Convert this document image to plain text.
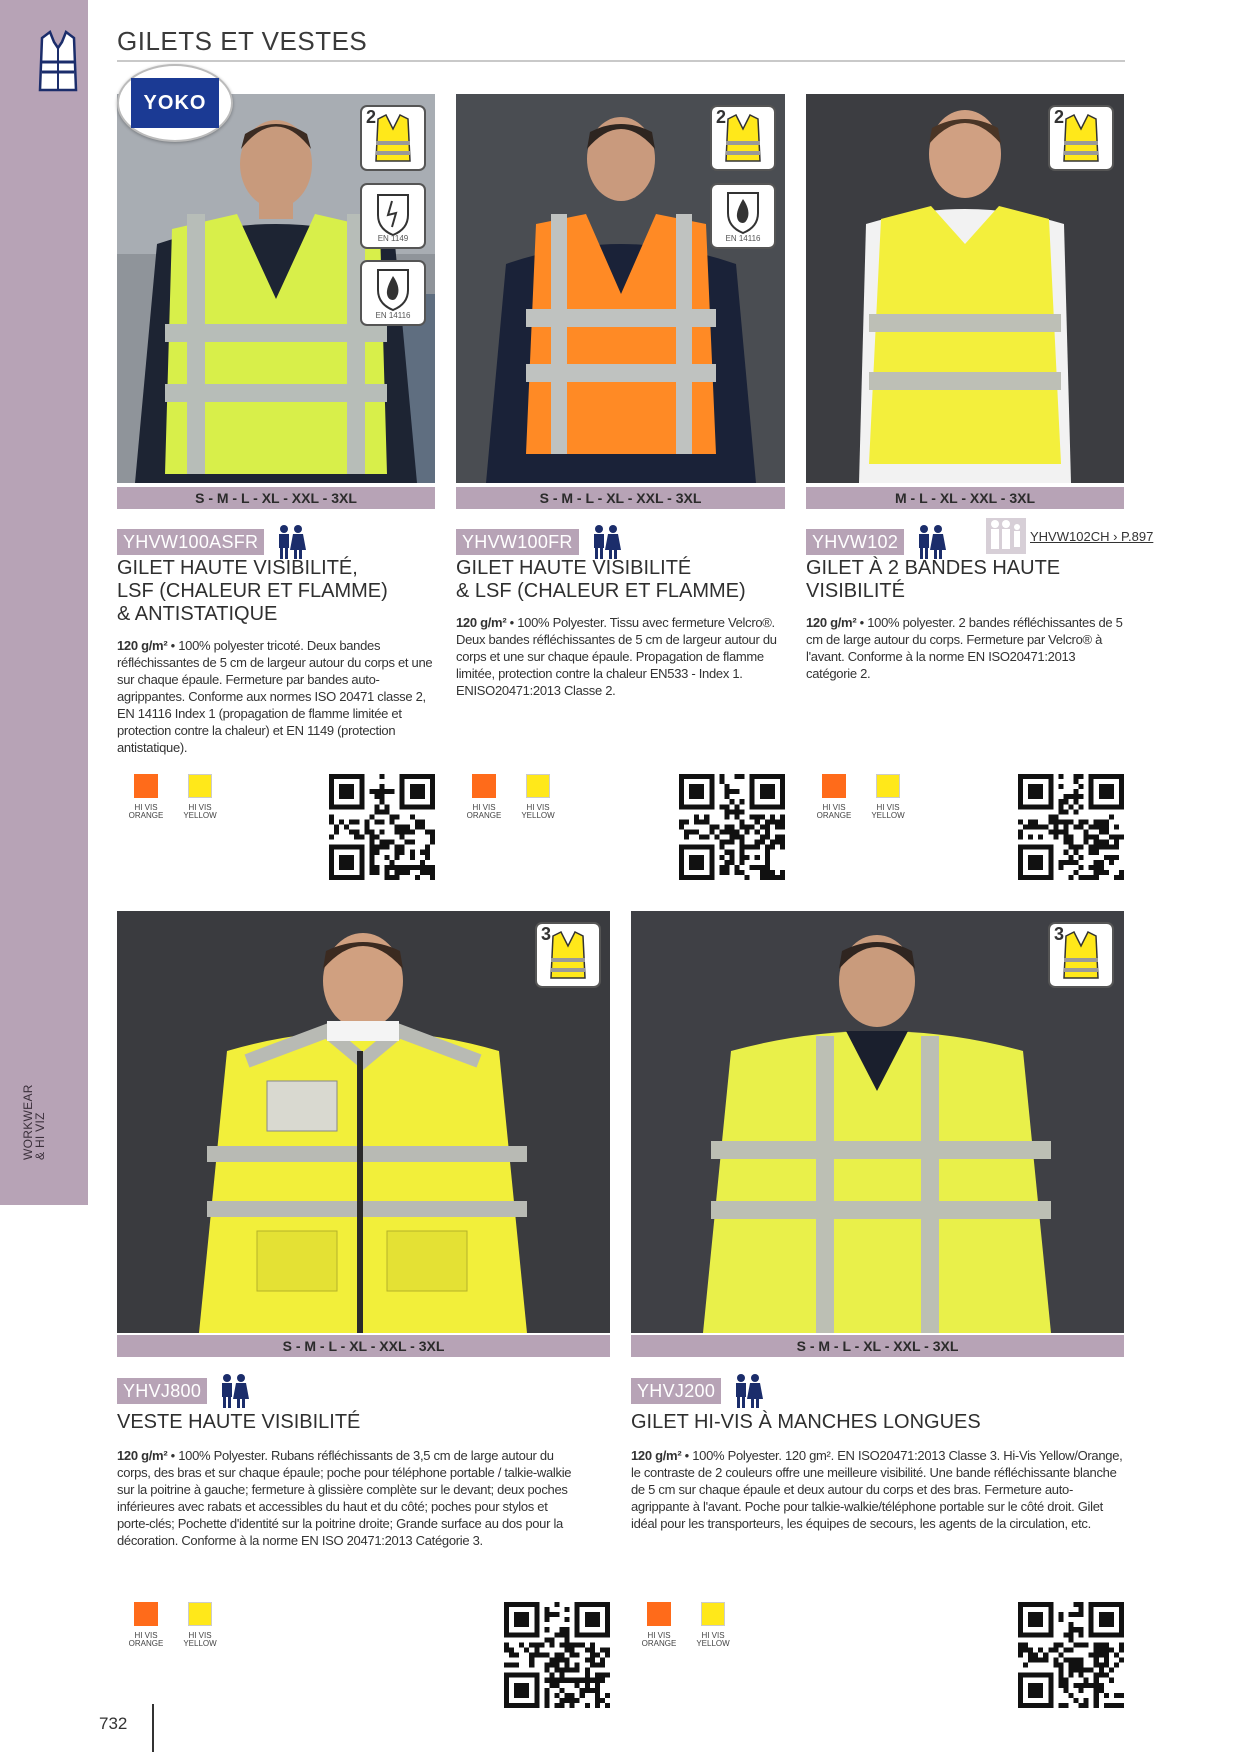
WORKWEAR
& HI VIZ
GILETS ET VESTES
YOKO
2
EN 1149
EN 14116
S - M - L - XL - XXL - 3XL
YHVW100ASFR
GILET HAUTE VISIBILITÉ,
LSF (CHALEUR ET FLAMME)
& ANTISTATIQUE
120 g/m² • 100% polyester tricoté. Deux bandes réfléchissantes de 5 cm de largeur autour du corps et une sur chaque épaule. Fermeture par bandes auto-agrippantes. Conforme aux normes ISO 20471 classe 2, EN 14116 Index 1 (propagation de flamme limitée et protection contre la chaleur) et EN 1149 (protection antistatique).
HI VIS
ORANGE
HI VIS
YELLOW
2
EN 14116
S - M - L - XL - XXL - 3XL
YHVW100FR
GILET HAUTE VISIBILITÉ
& LSF (CHALEUR ET FLAMME)
120 g/m² • 100% Polyester. Tissu avec fermeture Velcro®. Deux bandes réfléchissantes de 5 cm de largeur autour du corps et une sur chaque épaule. Propagation de flamme limitée, protection contre la chaleur EN533 - Index 1. ENISO20471:2013 Classe 2.
HI VIS
ORANGE
HI VIS
YELLOW
2
M - L - XL - XXL - 3XL
YHVW102	YHVW102CH › P.897
GILET À 2 BANDES HAUTE
VISIBILITÉ
120 g/m² • 100% polyester. 2 bandes réfléchissantes de 5 cm de large autour du corps. Fermeture par Velcro® à l'avant. Conforme à la norme EN ISO20471:2013 catégorie 2.
HI VIS
ORANGE
HI VIS
YELLOW
3
S - M - L - XL - XXL - 3XL
YHVJ800
VESTE HAUTE VISIBILITÉ
120 g/m² • 100% Polyester. Rubans réfléchissants de 3,5 cm de large autour du corps, des bras et sur chaque épaule; poche pour téléphone portable / talkie-walkie sur la poitrine à gauche; fermeture à glissière complète sur le devant; deux poches inférieures avec rabats et accessibles du haut et du côté; poches pour stylos et porte-clés; Pochette d'identité sur la poitrine droite; Grande surface au dos pour la décoration. Conforme à la norme EN ISO 20471:2013 Catégorie 3.
HI VIS
ORANGE
HI VIS
YELLOW
3
S - M - L - XL - XXL - 3XL
YHVJ200
GILET HI-VIS À MANCHES LONGUES
120 g/m² • 100% Polyester. 120 gm². EN ISO20471:2013 Classe 3. Hi-Vis Yellow/Orange, le contraste de 2 couleurs offre une meilleure visibilité. Une bande réfléchissante blanche de 5 cm sur chaque épaule et deux autour du corps et des bras. Fermeture auto-agrippante à l'avant. Poche pour talkie-walkie/téléphone portable sur le côté droit. Gilet idéal pour les transporteurs, les équipes de secours, les agents de la circulation, etc.
HI VIS
ORANGE
HI VIS
YELLOW
732
